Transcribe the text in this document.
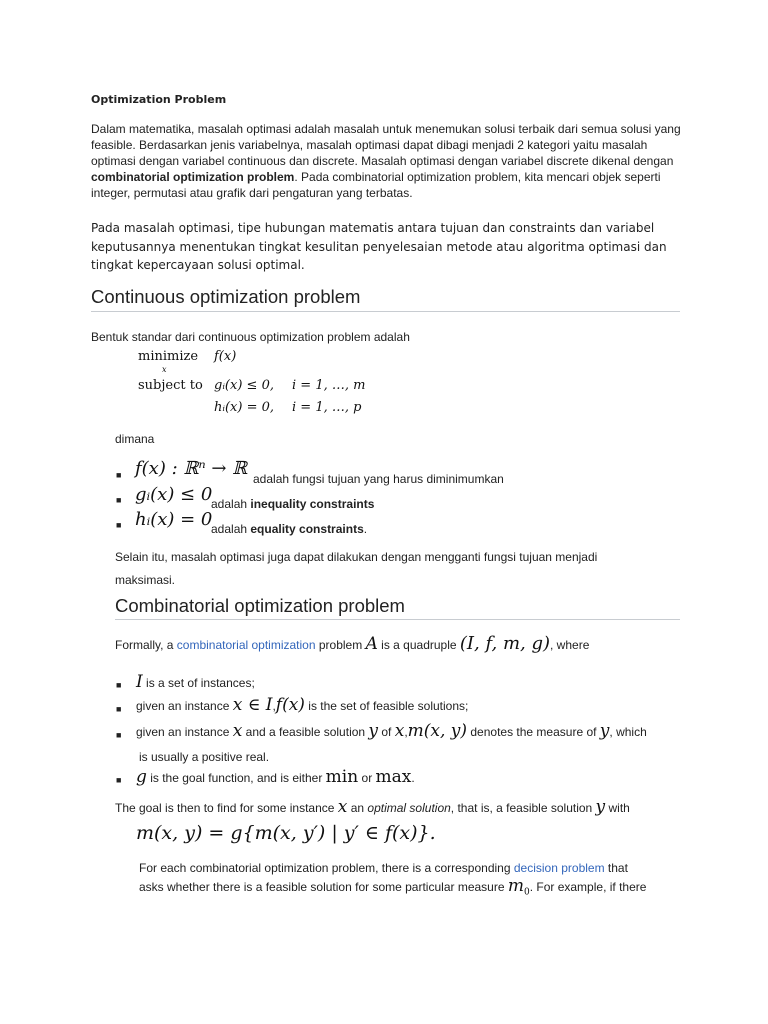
Optimization Problem
Dalam matematika, masalah optimasi adalah masalah untuk menemukan solusi terbaik dari semua solusi yang feasible. Berdasarkan jenis variabelnya, masalah optimasi dapat dibagi menjadi 2 kategori yaitu masalah optimasi dengan variabel continuous dan discrete. Masalah optimasi dengan variabel discrete dikenal dengan combinatorial optimization problem. Pada combinatorial optimization problem, kita mencari objek seperti integer, permutasi atau grafik dari pengaturan yang terbatas.
Pada masalah optimasi, tipe hubungan matematis antara tujuan dan constraints dan variabel keputusannya menentukan tingkat kesulitan penyelesaian metode atau algoritma optimasi dan tingkat kepercayaan solusi optimal.
Continuous optimization problem
Bentuk standar dari continuous optimization problem adalah
minimize
x
f(x)
subject to gᵢ(x) ≤ 0, i = 1, …, m
hᵢ(x) = 0, i = 1, …, p
dimana
■ f(x) : ℝⁿ → ℝ adalah fungsi tujuan yang harus diminimumkan
■ gᵢ(x) ≤ 0
adalah inequality constraints
■ hᵢ(x) = 0
adalah equality constraints.
Selain itu, masalah optimasi juga dapat dilakukan dengan mengganti fungsi tujuan menjadi
maksimasi.
Combinatorial optimization problem
Formally, a combinatorial optimization problem A is a quadruple (I, f, m, g), where
■ I is a set of instances;
■ given an instance x ∈ I,f(x) is the set of feasible solutions;
■ given an instance x and a feasible solution y of x,m(x, y) denotes the measure of y, which
is usually a positive real.
■ g is the goal function, and is either min or max.
The goal is then to find for some instance x an optimal solution, that is, a feasible solution y with
m(x, y) = g{m(x, y′) | y′ ∈ f(x)}.
For each combinatorial optimization problem, there is a corresponding decision problem that
asks whether there is a feasible solution for some particular measure $m_0$. For example, if there
